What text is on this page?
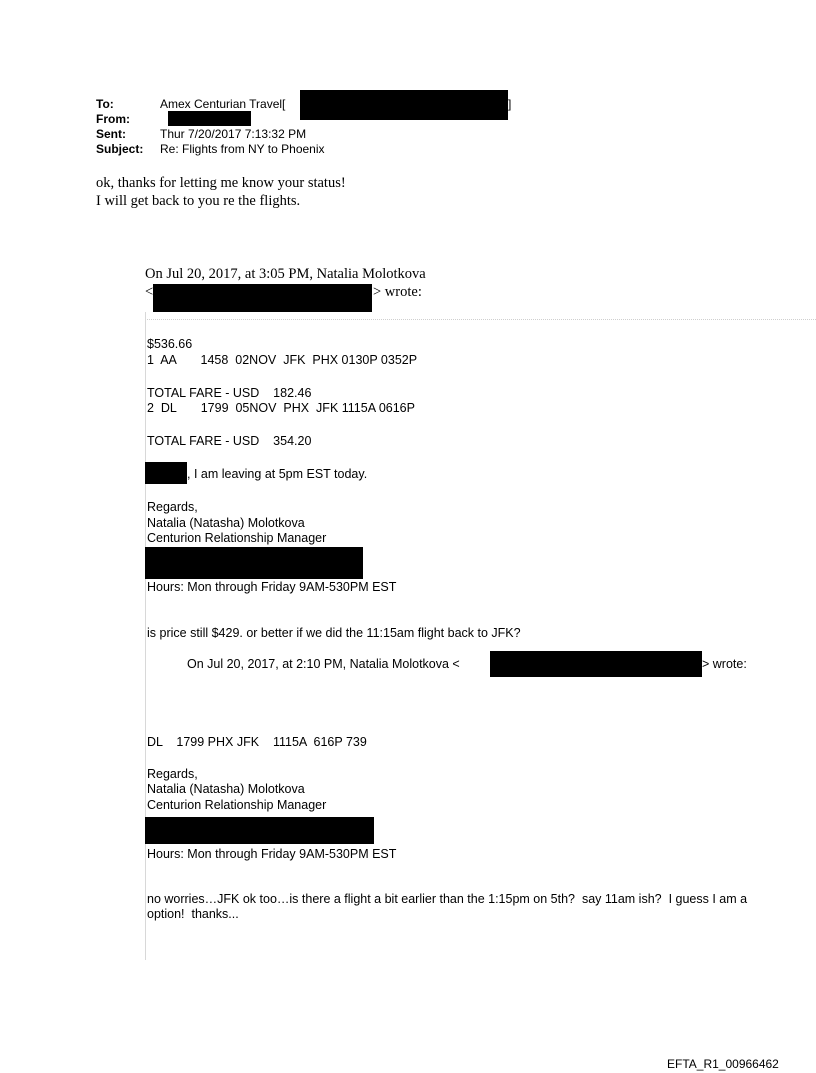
To:	Amex Centurian Travel[	]
From:
Sent:	Thur 7/20/2017 7:13:32 PM
Subject: Re: Flights from NY to Phoenix
ok, thanks for letting me know your status!
I will get back to you re the flights.
On Jul 20, 2017, at 3:05 PM, Natalia Molotkova
<	> wrote:
$536.66
1  AA       1458  02NOV  JFK  PHX 0130P 0352P
TOTAL FARE - USD    182.46
2  DL       1799  05NOV  PHX  JFK 1115A 0616P
TOTAL FARE - USD    354.20
, I am leaving at 5pm EST today.
Regards,
Natalia (Natasha) Molotkova
Centurion Relationship Manager
Hours: Mon through Friday 9AM-530PM EST
is price still $429. or better if we did the 11:15am flight back to JFK?
On Jul 20, 2017, at 2:10 PM, Natalia Molotkova <	> wrote:
DL    1799 PHX JFK    1115A  616P 739
Regards,
Natalia (Natasha) Molotkova
Centurion Relationship Manager
Hours: Mon through Friday 9AM-530PM EST
no worries…JFK ok too…is there a flight a bit earlier than the 1:15pm on 5th?  say 11am ish?  I guess I am a
option!  thanks...
EFTA_R1_00966462
